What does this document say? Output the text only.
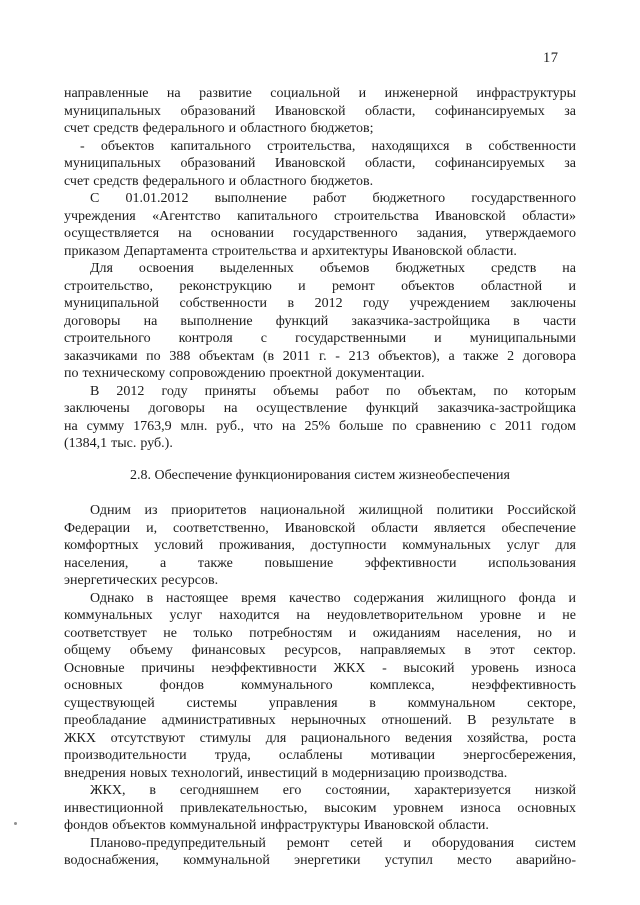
17
направленные на развитие социальной и инженерной инфраструктуры
муниципальных образований Ивановской области, софинансируемых за
счет средств федерального и областного бюджетов;
- объектов капитального строительства, находящихся в собственности
муниципальных образований Ивановской области, софинансируемых за
счет средств федерального и областного бюджетов.
С 01.01.2012 выполнение работ бюджетного государственного
учреждения «Агентство капитального строительства Ивановской области»
осуществляется на основании государственного задания, утверждаемого
приказом Департамента строительства и архитектуры Ивановской области.
Для освоения выделенных объемов бюджетных средств на
строительство, реконструкцию и ремонт объектов областной и
муниципальной собственности в 2012 году учреждением заключены
договоры на выполнение функций заказчика-застройщика в части
строительного контроля с государственными и муниципальными
заказчиками по 388 объектам (в 2011 г. - 213 объектов), а также 2 договора
по техническому сопровождению проектной документации.
В 2012 году приняты объемы работ по объектам, по которым
заключены договоры на осуществление функций заказчика-застройщика
на сумму 1763,9 млн. руб., что на 25% больше по сравнению с 2011 годом
(1384,1 тыс. руб.).
2.8. Обеспечение функционирования систем жизнеобеспечения
Одним из приоритетов национальной жилищной политики Российской
Федерации и, соответственно, Ивановской области является обеспечение
комфортных условий проживания, доступности коммунальных услуг для
населения, а также повышение эффективности использования
энергетических ресурсов.
Однако в настоящее время качество содержания жилищного фонда и
коммунальных услуг находится на неудовлетворительном уровне и не
соответствует не только потребностям и ожиданиям населения, но и
общему объему финансовых ресурсов, направляемых в этот сектор.
Основные причины неэффективности ЖКХ - высокий уровень износа
основных фондов коммунального комплекса, неэффективность
существующей системы управления в коммунальном секторе,
преобладание административных нерыночных отношений. В результате в
ЖКХ отсутствуют стимулы для рационального ведения хозяйства, роста
производительности труда, ослаблены мотивации энергосбережения,
внедрения новых технологий, инвестиций в модернизацию производства.
ЖКХ, в сегодняшнем его состоянии, характеризуется низкой
инвестиционной привлекательностью, высоким уровнем износа основных
фондов объектов коммунальной инфраструктуры Ивановской области.
Планово-предупредительный ремонт сетей и оборудования систем
водоснабжения, коммунальной энергетики уступил место аварийно-
